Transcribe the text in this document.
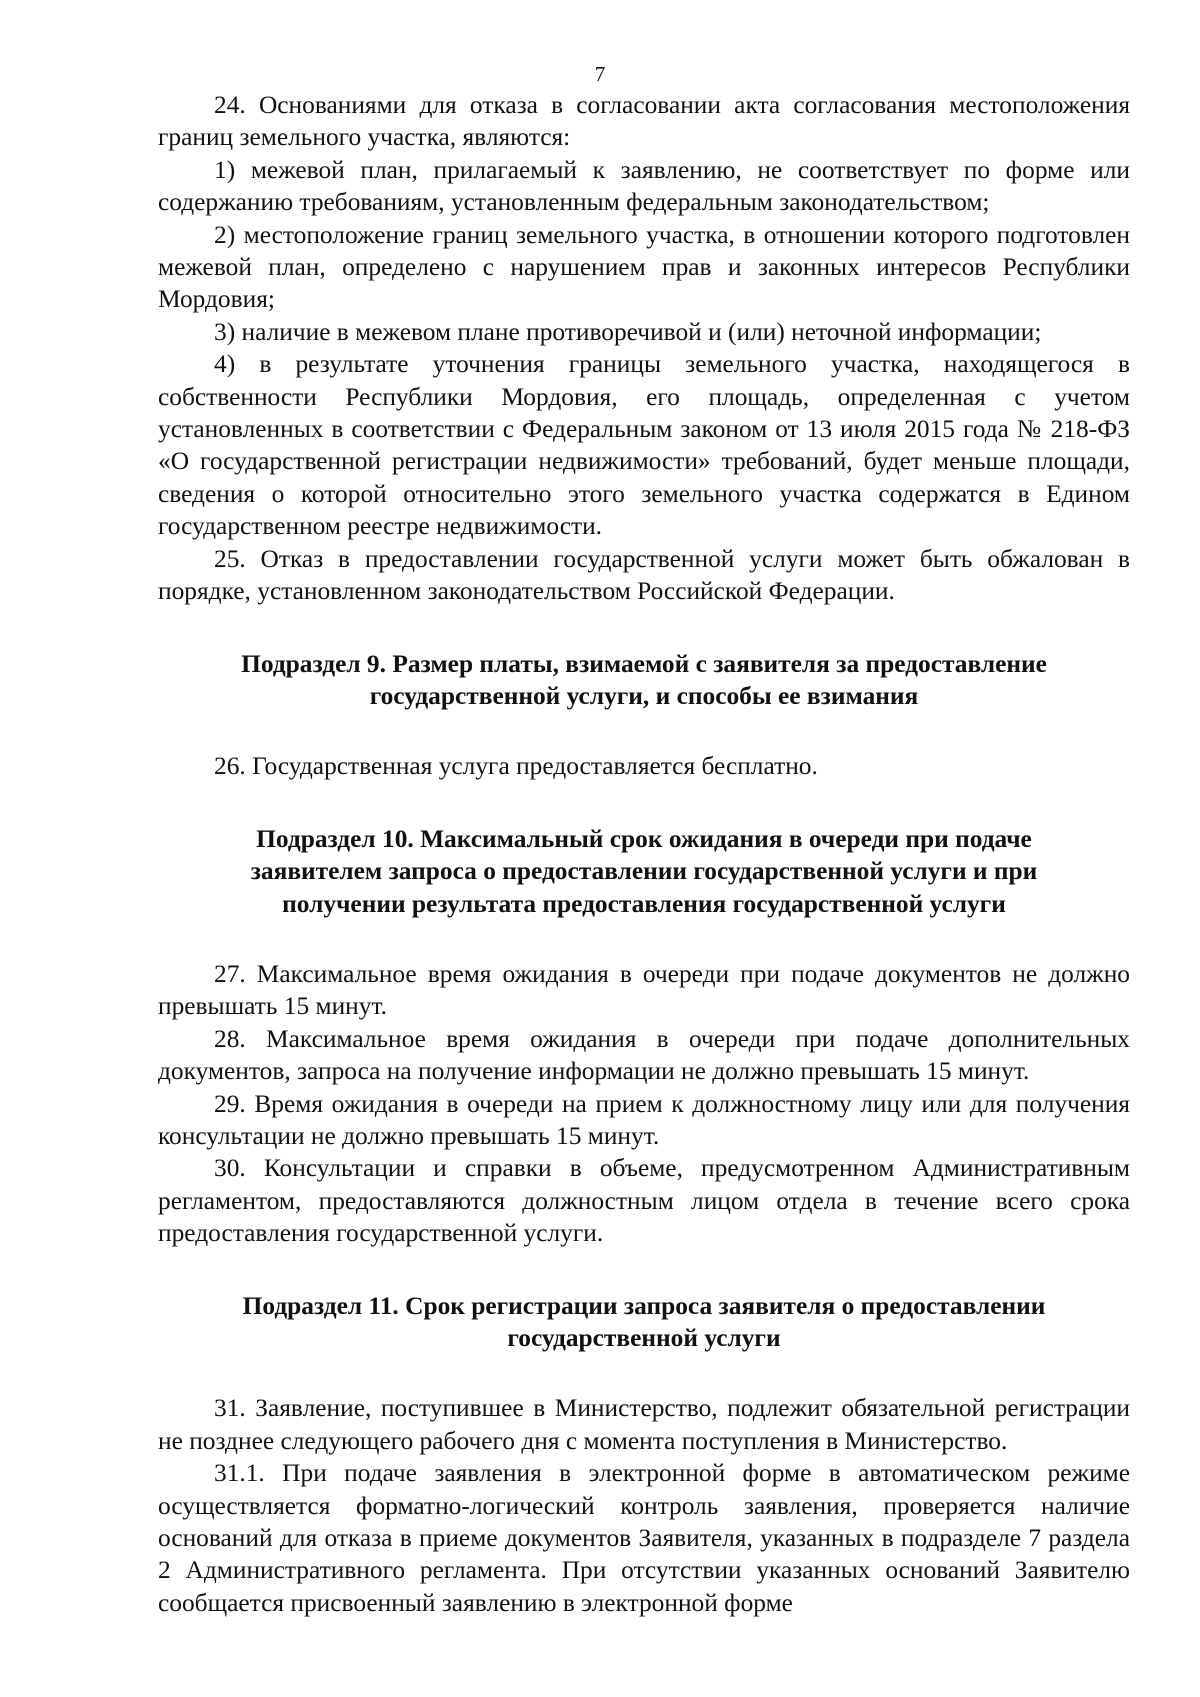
7

24. Основаниями для отказа в согласовании акта согласования местоположения границ земельного участка, являются:

1) межевой план, прилагаемый к заявлению, не соответствует по форме или содержанию требованиям, установленным федеральным законодательством;

2) местоположение границ земельного участка, в отношении которого подготовлен межевой план, определено с нарушением прав и законных интересов Республики Мордовия;

3) наличие в межевом плане противоречивой и (или) неточной информации;

4) в результате уточнения границы земельного участка, находящегося в собственности Республики Мордовия, его площадь, определенная с учетом установленных в соответствии с Федеральным законом от 13 июля 2015 года № 218-ФЗ «О государственной регистрации недвижимости» требований, будет меньше площади, сведения о которой относительно этого земельного участка содержатся в Едином государственном реестре недвижимости.

25. Отказ в предоставлении государственной услуги может быть обжалован в порядке, установленном законодательством Российской Федерации.

Подраздел 9. Размер платы, взимаемой с заявителя за предоставление
государственной услуги, и способы ее взимания

26. Государственная услуга предоставляется бесплатно.

Подраздел 10. Максимальный срок ожидания в очереди при подаче
заявителем запроса о предоставлении государственной услуги и при
получении результата предоставления государственной услуги

27. Максимальное время ожидания в очереди при подаче документов не должно превышать 15 минут.

28. Максимальное время ожидания в очереди при подаче дополнительных документов, запроса на получение информации не должно превышать 15 минут.

29. Время ожидания в очереди на прием к должностному лицу или для получения консультации не должно превышать 15 минут.

30. Консультации и справки в объеме, предусмотренном Административным регламентом, предоставляются должностным лицом отдела в течение всего срока предоставления государственной услуги.

Подраздел 11. Срок регистрации запроса заявителя о предоставлении
государственной услуги

31. Заявление, поступившее в Министерство, подлежит обязательной регистрации не позднее следующего рабочего дня с момента поступления в Министерство.

31.1. При подаче заявления в электронной форме в автоматическом режиме осуществляется форматно-логический контроль заявления, проверяется наличие оснований для отказа в приеме документов Заявителя, указанных в подразделе 7 раздела 2 Административного регламента. При отсутствии указанных оснований Заявителю сообщается присвоенный заявлению в электронной форме
